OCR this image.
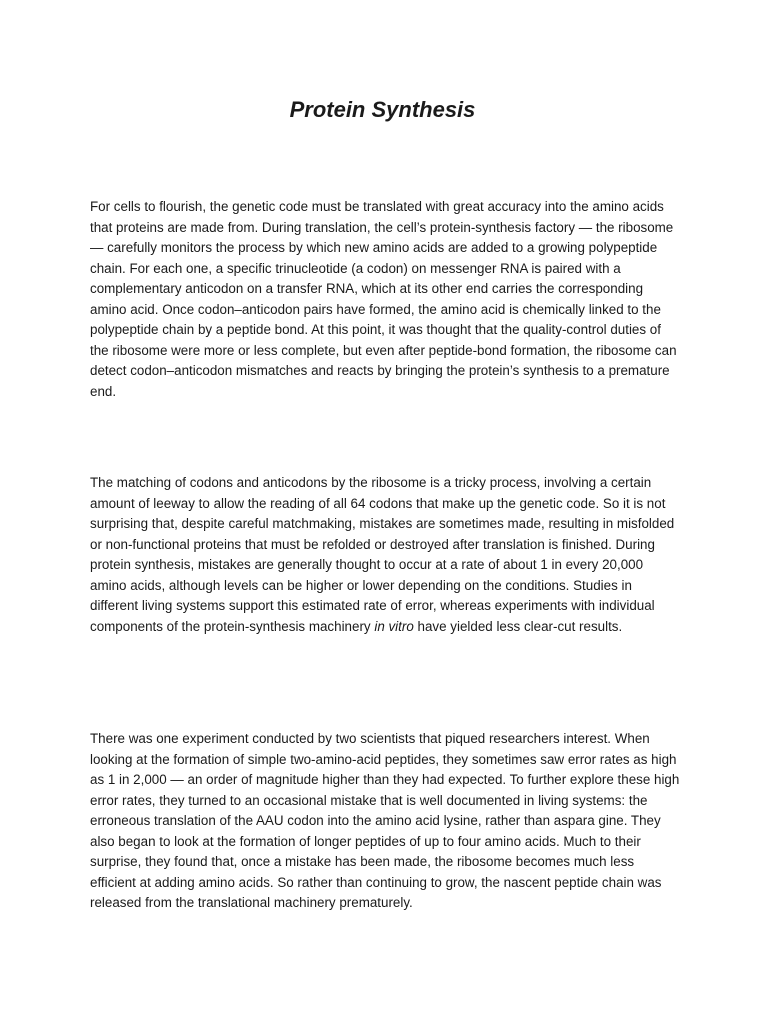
Protein Synthesis

For cells to flourish, the genetic code must be translated with great accuracy into the amino acids that proteins are made from. During translation, the cell’s protein-synthesis factory — the ribosome — carefully monitors the process by which new amino acids are added to a growing polypeptide chain. For each one, a specific trinucleotide (a codon) on messenger RNA is paired with a complementary anticodon on a transfer RNA, which at its other end carries the corresponding amino acid. Once codon–anticodon pairs have formed, the amino acid is chemically linked to the polypeptide chain by a peptide bond. At this point, it was thought that the quality-control duties of the ribosome were more or less complete, but even after peptide-bond formation, the ribosome can detect codon–anticodon mismatches and reacts by bringing the protein’s synthesis to a premature end.

The matching of codons and anticodons by the ribosome is a tricky process, involving a certain amount of leeway to allow the reading of all 64 codons that make up the genetic code. So it is not surprising that, despite careful matchmaking, mistakes are sometimes made, resulting in misfolded or non-functional proteins that must be refolded or destroyed after translation is finished. During protein synthesis, mistakes are generally thought to occur at a rate of about 1 in every 20,000 amino acids, although levels can be higher or lower depending on the conditions. Studies in different living systems support this estimated rate of error, whereas experiments with individual components of the protein-synthesis machinery in vitro have yielded less clear-cut results.

There was one experiment conducted by two scientists that piqued researchers interest. When looking at the formation of simple two-amino-acid peptides, they sometimes saw error rates as high as 1 in 2,000 — an order of magnitude higher than they had expected. To further explore these high error rates, they turned to an occasional mistake that is well documented in living systems: the erroneous translation of the AAU codon into the amino acid lysine, rather than aspara gine. They also began to look at the formation of longer peptides of up to four amino acids. Much to their surprise, they found that, once a mistake has been made, the ribosome becomes much less efficient at adding amino acids. So rather than continuing to grow, the nascent peptide chain was released from the translational machinery prematurely.
